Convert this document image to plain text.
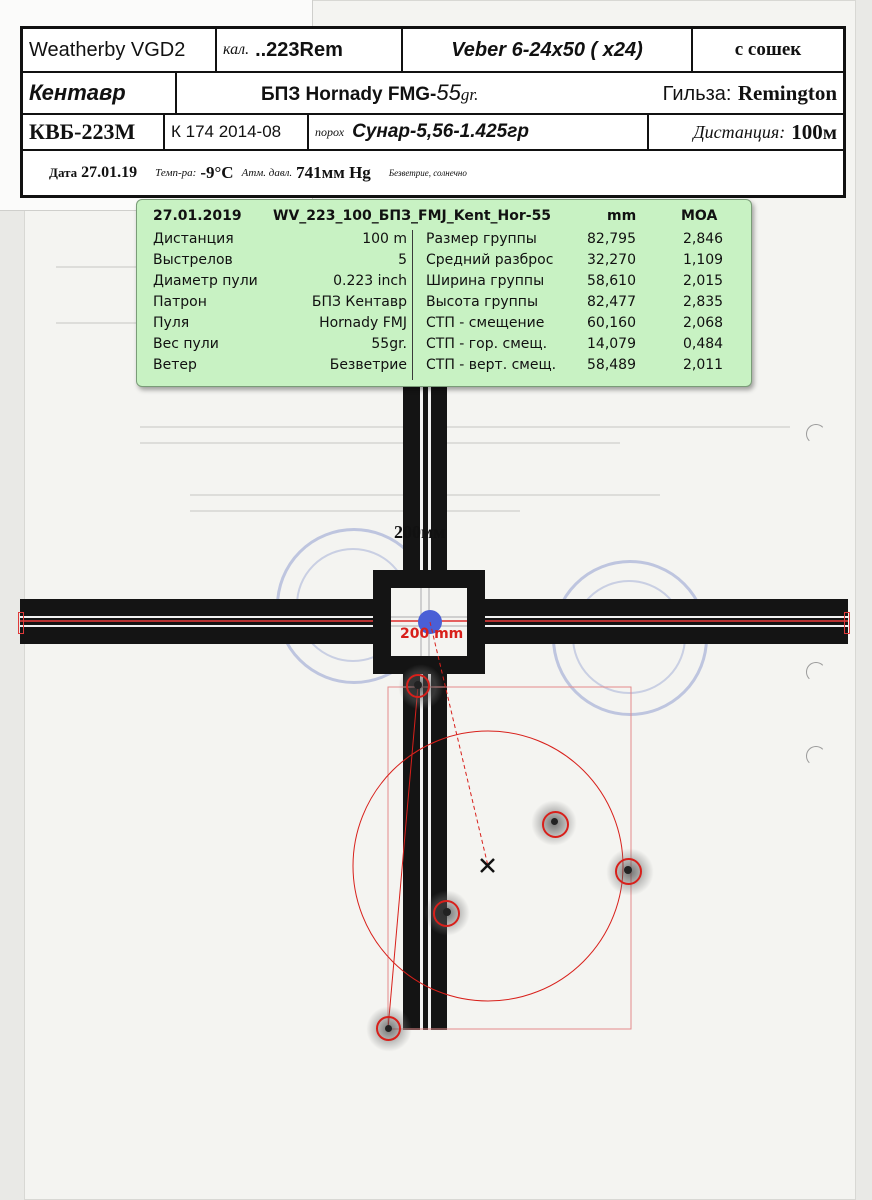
Weatherby VGD2	кал. ..223Rem	Veber 6-24x50 ( x24)	с сошек
Кентавр	БПЗ Hornady FMG-55gr.	Гильза: Remington
КВБ-223М	К 174 2014-08	порох Сунар-5,56-1.425гр	Дистанция: 100м
Дата 27.01.19 Темп-ра: -9°С Атм. давл. 741мм Hg Безветрие, солнечно
200мм
200 mm
27.01.2019 WV_223_100_БПЗ_FMJ_Kent_Hor-55	mm	MOA
Дистанция	100 m
Выстрелов	5
Диаметр пули	0.223 inch
Патрон	БПЗ Кентавр
Пуля	Hornady FMJ
Вес пули	55gr.
Ветер	Безветрие
Размер группы	82,795	2,846
Средний разброс 32,270	1,109
Ширина группы	58,610	2,015
Высота группы	82,477	2,835
СТП - смещение	60,160	2,068
СТП - гор. смещ.	14,079	0,484
СТП - верт. смещ. 58,489	2,011
